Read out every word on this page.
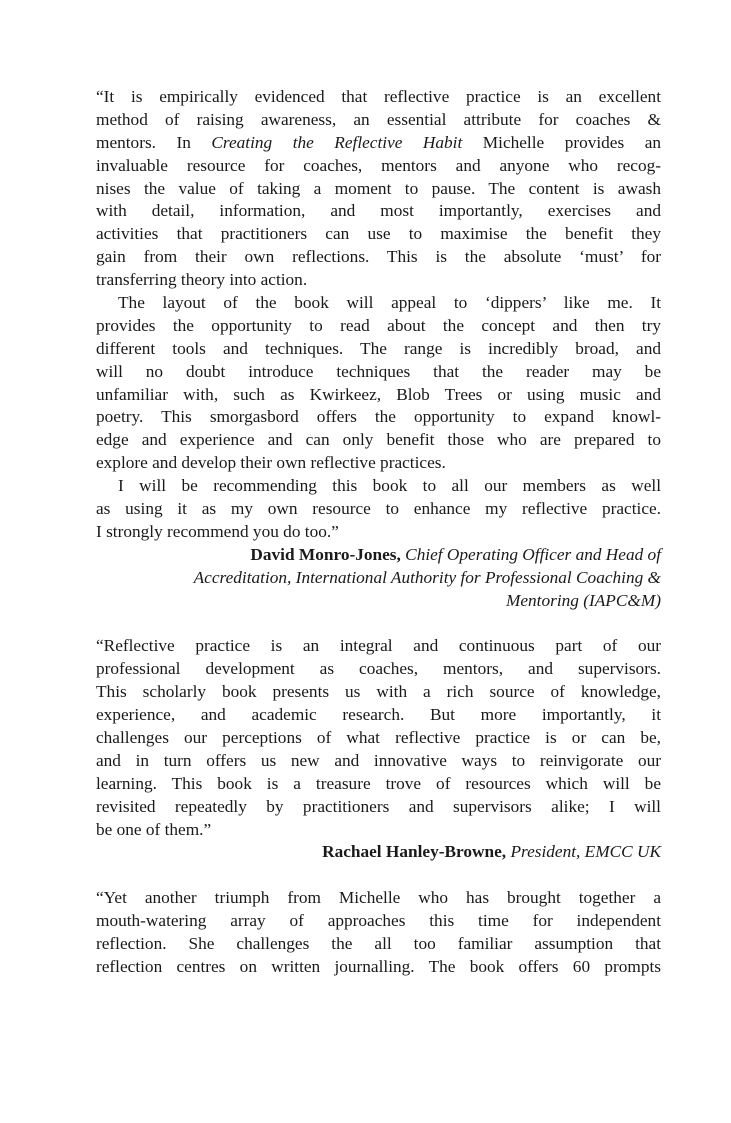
“It is empirically evidenced that reflective practice is an excellent
method of raising awareness, an essential attribute for coaches &
mentors. In Creating the Reflective Habit Michelle provides an
invaluable resource for coaches, mentors and anyone who recog-
nises the value of taking a moment to pause. The content is awash
with detail, information, and most importantly, exercises and
activities that practitioners can use to maximise the benefit they
gain from their own reflections. This is the absolute ‘must’ for
transferring theory into action.
The layout of the book will appeal to ‘dippers’ like me. It
provides the opportunity to read about the concept and then try
different tools and techniques. The range is incredibly broad, and
will no doubt introduce techniques that the reader may be
unfamiliar with, such as Kwirkeez, Blob Trees or using music and
poetry. This smorgasbord offers the opportunity to expand knowl-
edge and experience and can only benefit those who are prepared to
explore and develop their own reflective practices.
I will be recommending this book to all our members as well
as using it as my own resource to enhance my reflective practice.
I strongly recommend you do too.”
David Monro-Jones, Chief Operating Officer and Head of
Accreditation, International Authority for Professional Coaching &
Mentoring (IAPC&M)
“Reflective practice is an integral and continuous part of our
professional development as coaches, mentors, and supervisors.
This scholarly book presents us with a rich source of knowledge,
experience, and academic research. But more importantly, it
challenges our perceptions of what reflective practice is or can be,
and in turn offers us new and innovative ways to reinvigorate our
learning. This book is a treasure trove of resources which will be
revisited repeatedly by practitioners and supervisors alike; I will
be one of them.”
Rachael Hanley-Browne, President, EMCC UK
“Yet another triumph from Michelle who has brought together a
mouth-watering array of approaches this time for independent
reflection. She challenges the all too familiar assumption that
reflection centres on written journalling. The book offers 60 prompts
